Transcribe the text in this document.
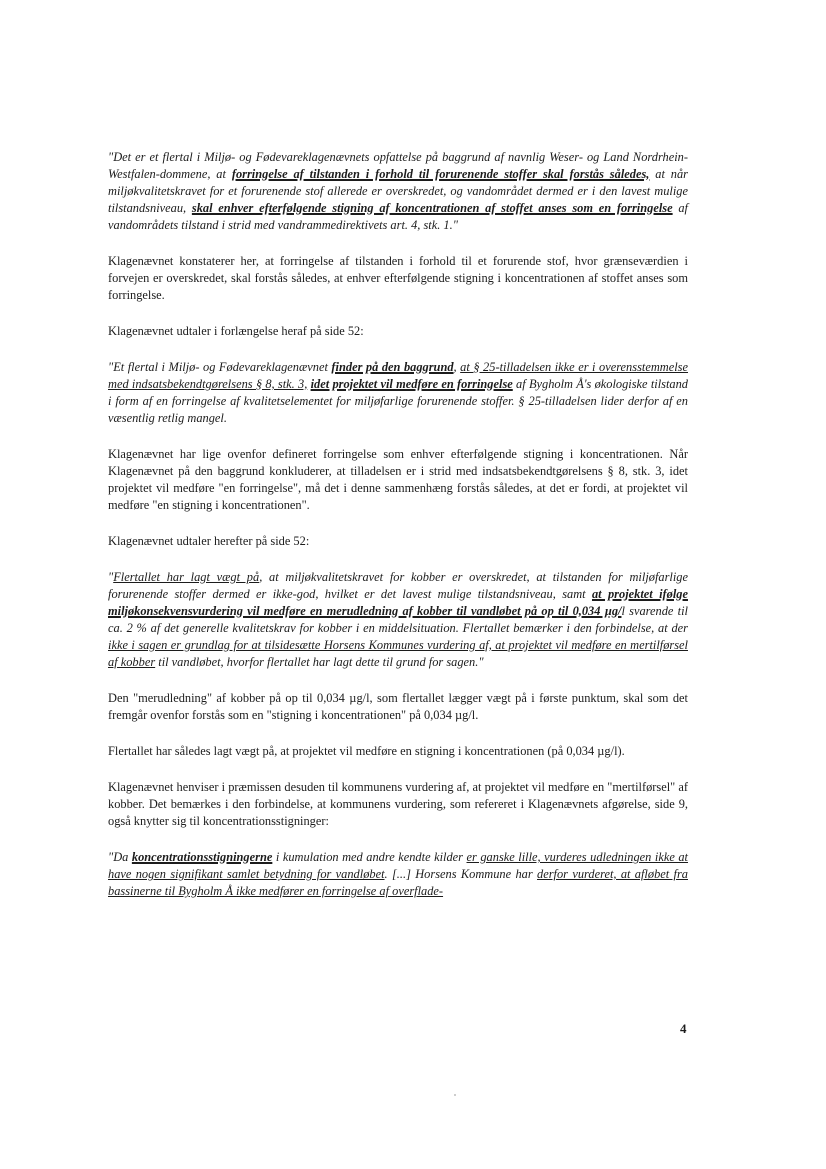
"Det er et flertal i Miljø- og Fødevareklagenævnets opfattelse på baggrund af navnlig Weser- og Land Nordrhein-Westfalen-dommene, at forringelse af tilstanden i forhold til forurenende stoffer skal forstås således, at når miljøkvalitetskravet for et forurenende stof allerede er overskredet, og vandområdet dermed er i den lavest mulige tilstandsniveau, skal enhver efterfølgende stigning af koncentrationen af stoffet anses som en forringelse af vandområdets tilstand i strid med vandrammedirektivets art. 4, stk. 1."

Klagenævnet konstaterer her, at forringelse af tilstanden i forhold til et forurende stof, hvor grænseværdien i forvejen er overskredet, skal forstås således, at enhver efterfølgende stigning i koncentrationen af stoffet anses som forringelse.

Klagenævnet udtaler i forlængelse heraf på side 52:

"Et flertal i Miljø- og Fødevareklagenævnet finder på den baggrund, at § 25-tilladelsen ikke er i overensstemmelse med indsatsbekendtgørelsens § 8, stk. 3, idet projektet vil medføre en forringelse af Bygholm Å's økologiske tilstand i form af en forringelse af kvalitetselementet for miljøfarlige forurenende stoffer. § 25-tilladelsen lider derfor af en væsentlig retlig mangel.

Klagenævnet har lige ovenfor defineret forringelse som enhver efterfølgende stigning i koncentrationen. Når Klagenævnet på den baggrund konkluderer, at tilladelsen er i strid med indsatsbekendtgørelsens § 8, stk. 3, idet projektet vil medføre "en forringelse", må det i denne sammenhæng forstås således, at det er fordi, at projektet vil medføre "en stigning i koncentrationen".

Klagenævnet udtaler herefter på side 52:

"Flertallet har lagt vægt på, at miljøkvalitetskravet for kobber er overskredet, at tilstanden for miljøfarlige forurenende stoffer dermed er ikke-god, hvilket er det lavest mulige tilstandsniveau, samt at projektet ifølge miljøkonsekvensvurdering vil medføre en merudledning af kobber til vandløbet på op til 0,034 µg/l svarende til ca. 2 % af det generelle kvalitetskrav for kobber i en middelsituation. Flertallet bemærker i den forbindelse, at der ikke i sagen er grundlag for at tilsidesætte Horsens Kommunes vurdering af, at projektet vil medføre en mertilførsel af kobber til vandløbet, hvorfor flertallet har lagt dette til grund for sagen."

Den "merudledning" af kobber på op til 0,034 µg/l, som flertallet lægger vægt på i første punktum, skal som det fremgår ovenfor forstås som en "stigning i koncentrationen" på 0,034 µg/l.

Flertallet har således lagt vægt på, at projektet vil medføre en stigning i koncentrationen (på 0,034 µg/l).

Klagenævnet henviser i præmissen desuden til kommunens vurdering af, at projektet vil medføre en "mertilførsel" af kobber. Det bemærkes i den forbindelse, at kommunens vurdering, som refereret i Klagenævnets afgørelse, side 9, også knytter sig til koncentrationsstigninger:

"Da koncentrationsstigningerne i kumulation med andre kendte kilder er ganske lille, vurderes udledningen ikke at have nogen signifikant samlet betydning for vandløbet. [...] Horsens Kommune har derfor vurderet, at afløbet fra bassinerne til Bygholm Å ikke medfører en forringelse af overflade-

4
